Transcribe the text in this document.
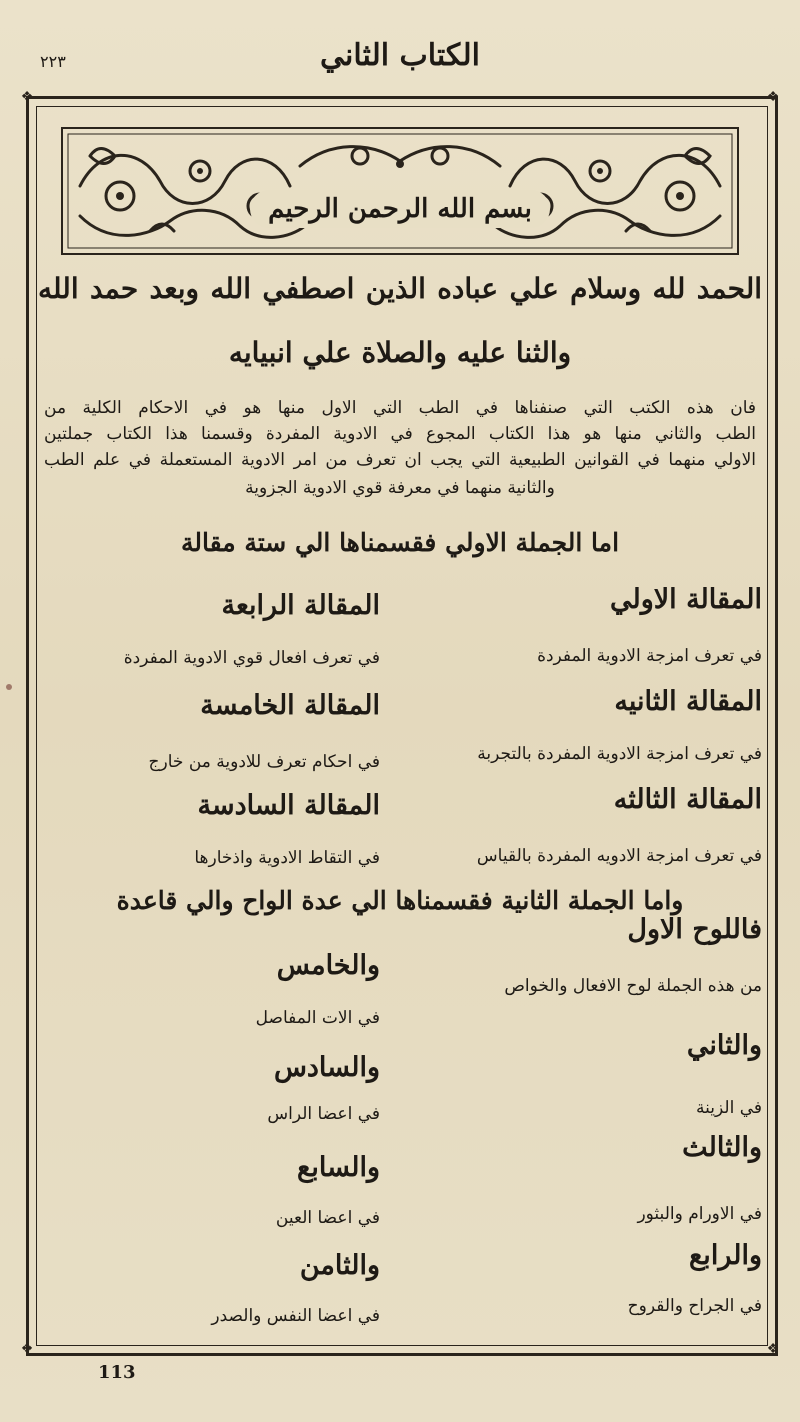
الكتاب الثاني
۲۲۳
❖	❖
❖	❖
بسم الله الرحمن الرحيم
الحمد لله وسلام علي عباده الذين اصطفي الله وبعد حمد الله
والثنا عليه والصلاة علي انبيايه
فان هذه الكتب التي صنفناها في الطب التي الاول منها هو في الاحكام الكلية من
الطب والثاني منها هو هذا الكتاب المجوع في الادوية المفردة وقسمنا هذا الكتاب جملتين
الاولي منهما في القوانين الطبيعية التي يجب ان تعرف من امر الادوية المستعملة في علم الطب
والثانية منهما في معرفة قوي الادوية الجزوية
اما الجملة الاولي فقسمناها الي ستة مقالة
المقالة الاولي
في تعرف امزجة الادوية المفردة
المقالة الثانيه
في تعرف امزجة الادوية المفردة بالتجربة
المقالة الثالثه
في تعرف امزجة الادويه المفردة بالقياس
المقالة الرابعة
في تعرف افعال قوي الادوية المفردة
المقالة الخامسة
في احكام تعرف للادوية من خارج
المقالة السادسة
في التقاط الادوية واذخارها
واما الجملة الثانية فقسمناها الي عدة الواح والي قاعدة
فاللوح الاول
من هذه الجملة لوح الافعال والخواص
والثاني
في الزينة
والثالث
في الاورام والبثور
والرابع
في الجراح والقروح
والخامس
في الات المفاصل
والسادس
في اعضا الراس
والسابع
في اعضا العين
والثامن
في اعضا النفس والصدر
113
